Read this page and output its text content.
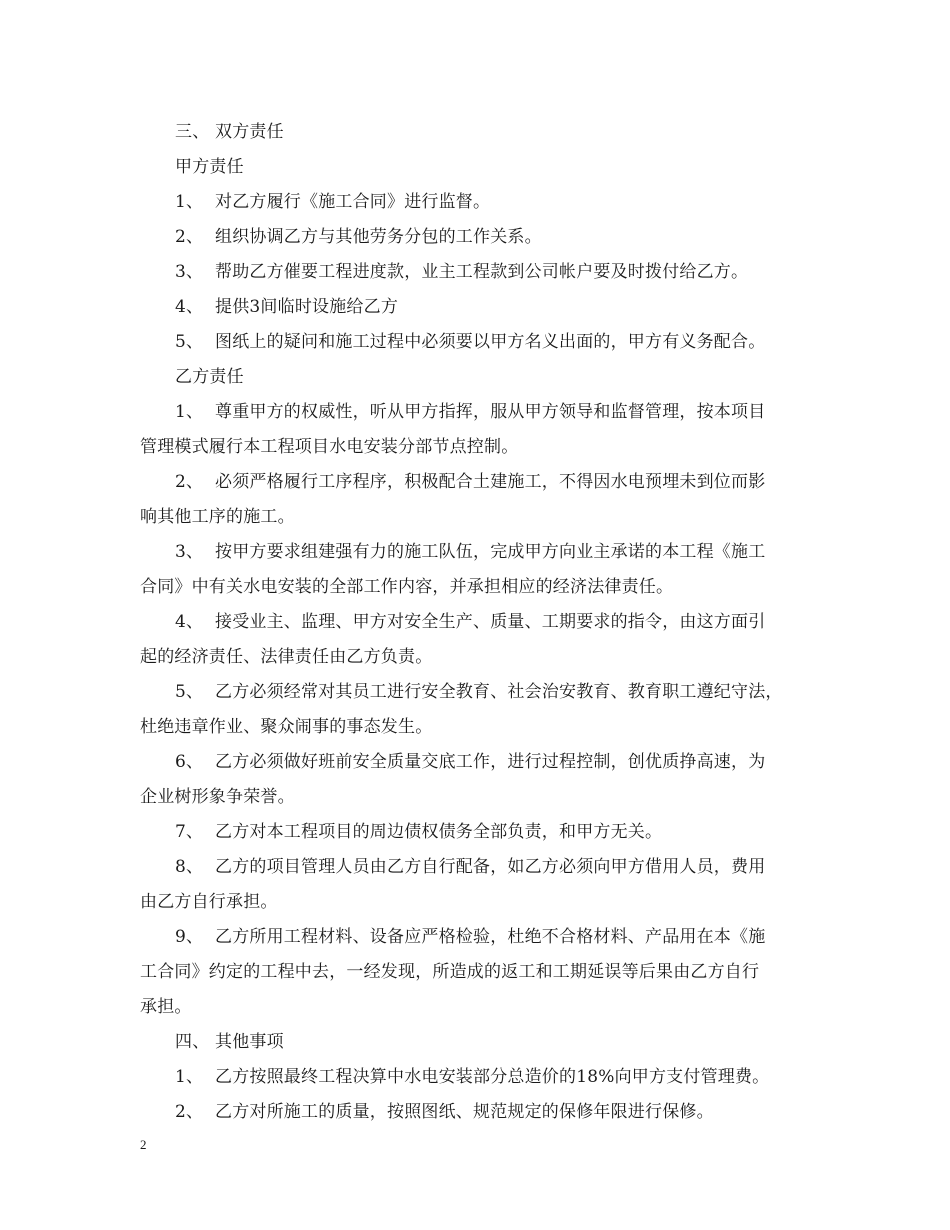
三、 双方责任
甲方责任
1、 对乙方履行《施工合同》进行监督。
2、 组织协调乙方与其他劳务分包的工作关系。
3、 帮助乙方催要工程进度款，业主工程款到公司帐户要及时拨付给乙方。
4、 提供3间临时设施给乙方
5、 图纸上的疑问和施工过程中必须要以甲方名义出面的，甲方有义务配合。
乙方责任
1、 尊重甲方的权威性，听从甲方指挥，服从甲方领导和监督管理，按本项目
管理模式履行本工程项目水电安装分部节点控制。
2、 必须严格履行工序程序，积极配合土建施工，不得因水电预埋未到位而影
响其他工序的施工。
3、 按甲方要求组建强有力的施工队伍，完成甲方向业主承诺的本工程《施工
合同》中有关水电安装的全部工作内容，并承担相应的经济法律责任。
4、 接受业主、监理、甲方对安全生产、质量、工期要求的指令，由这方面引
起的经济责任、法律责任由乙方负责。
5、 乙方必须经常对其员工进行安全教育、社会治安教育、教育职工遵纪守法，
杜绝违章作业、聚众闹事的事态发生。
6、 乙方必须做好班前安全质量交底工作，进行过程控制，创优质挣高速，为
企业树形象争荣誉。
7、 乙方对本工程项目的周边债权债务全部负责，和甲方无关。
8、 乙方的项目管理人员由乙方自行配备，如乙方必须向甲方借用人员，费用
由乙方自行承担。
9、 乙方所用工程材料、设备应严格检验，杜绝不合格材料、产品用在本《施
工合同》约定的工程中去，一经发现，所造成的返工和工期延误等后果由乙方自行
承担。
四、 其他事项
1、 乙方按照最终工程决算中水电安装部分总造价的18%向甲方支付管理费。
2、 乙方对所施工的质量，按照图纸、规范规定的保修年限进行保修。
2
